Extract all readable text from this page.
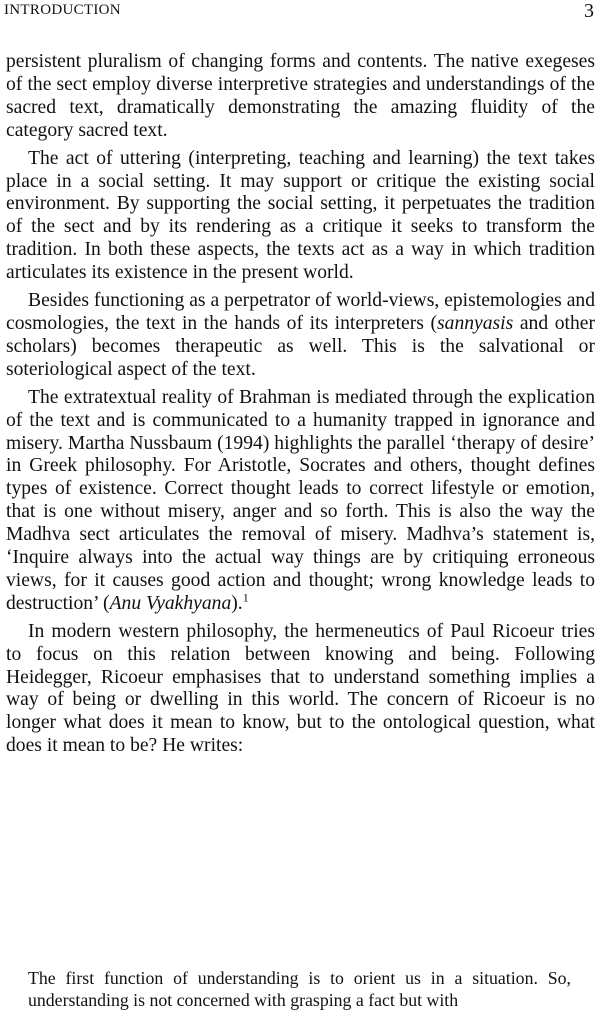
INTRODUCTION	3

persistent pluralism of changing forms and contents. The native exegeses of the sect employ diverse interpretive strategies and understandings of the sacred text, dramatically demonstrating the amazing fluidity of the category sacred text.

The act of uttering (interpreting, teaching and learning) the text takes place in a social setting. It may support or critique the existing social environment. By supporting the social setting, it perpetuates the tradition of the sect and by its rendering as a critique it seeks to transform the tradition. In both these aspects, the texts act as a way in which tradition articulates its existence in the present world.

Besides functioning as a perpetrator of world-views, epistemologies and cosmologies, the text in the hands of its interpreters (sannyasis and other scholars) becomes therapeutic as well. This is the salvational or soteriological aspect of the text.

The extratextual reality of Brahman is mediated through the explication of the text and is communicated to a humanity trapped in ignorance and misery. Martha Nussbaum (1994) highlights the parallel ‘therapy of desire’ in Greek philosophy. For Aristotle, Socrates and others, thought defines types of existence. Correct thought leads to correct lifestyle or emotion, that is one without misery, anger and so forth. This is also the way the Madhva sect articulates the removal of misery. Madhva’s statement is, ‘Inquire always into the actual way things are by critiquing erroneous views, for it causes good action and thought; wrong knowledge leads to destruction’ (Anu Vyakhyana).$^1$

In modern western philosophy, the hermeneutics of Paul Ricoeur tries to focus on this relation between knowing and being. Following Heidegger, Ricoeur emphasises that to understand something implies a way of being or dwelling in this world. The concern of Ricoeur is no longer what does it mean to know, but to the ontological question, what does it mean to be? He writes:

The first function of understanding is to orient us in a situation. So, understanding is not concerned with grasping a fact but with
